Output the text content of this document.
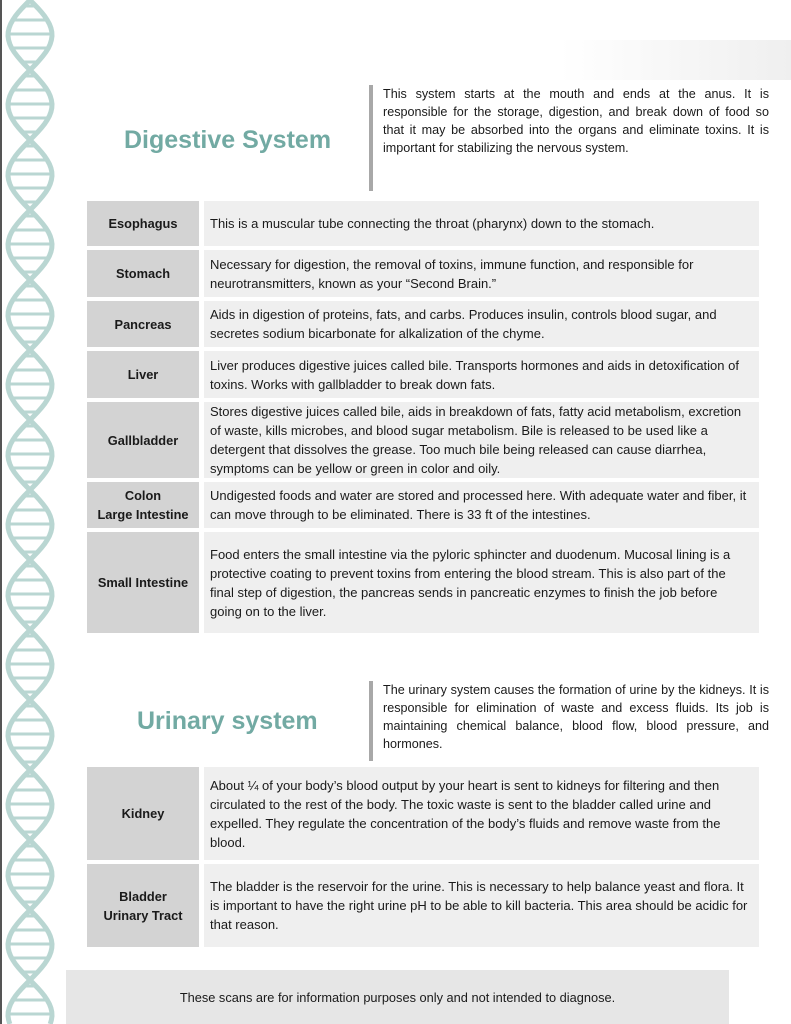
Digestive System
This system starts at the mouth and ends at the anus. It is responsible for the storage, digestion, and break down of food so that it may be absorbed into the organs and eliminate toxins. It is important for stabilizing the nervous system.
Esophagus	This is a muscular tube connecting the throat (pharynx) down to the stomach.
Stomach
Necessary for digestion, the removal of toxins, immune function, and responsible for neurotransmitters, known as your “Second Brain.”
Pancreas
Aids in digestion of proteins, fats, and carbs. Produces insulin, controls blood sugar, and secretes sodium bicarbonate for alkalization of the chyme.
Liver
Liver produces digestive juices called bile. Transports hormones and aids in detoxification of toxins. Works with gallbladder to break down fats.
Gallbladder
Stores digestive juices called bile, aids in breakdown of fats, fatty acid metabolism, excretion of waste, kills microbes, and blood sugar metabolism. Bile is released to be used like a detergent that dissolves the grease. Too much bile being released can cause diarrhea, symptoms can be yellow or green in color and oily.
Colon
Large Intestine
Undigested foods and water are stored and processed here. With adequate water and fiber, it can move through to be eliminated. There is 33 ft of the intestines.
Small Intestine
Food enters the small intestine via the pyloric sphincter and duodenum. Mucosal lining is a protective coating to prevent toxins from entering the blood stream. This is also part of the final step of digestion, the pancreas sends in pancreatic enzymes to finish the job before going on to the liver.
Urinary system
The urinary system causes the formation of urine by the kidneys. It is responsible for elimination of waste and excess fluids. Its job is maintaining chemical balance, blood flow, blood pressure, and hormones.
Kidney
About ¼ of your body’s blood output by your heart is sent to kidneys for filtering and then circulated to the rest of the body. The toxic waste is sent to the bladder called urine and expelled. They regulate the concentration of the body’s fluids and remove waste from the blood.
Bladder
Urinary Tract
The bladder is the reservoir for the urine. This is necessary to help balance yeast and flora. It is important to have the right urine pH to be able to kill bacteria. This area should be acidic for that reason.
These scans are for information purposes only and not intended to diagnose.
